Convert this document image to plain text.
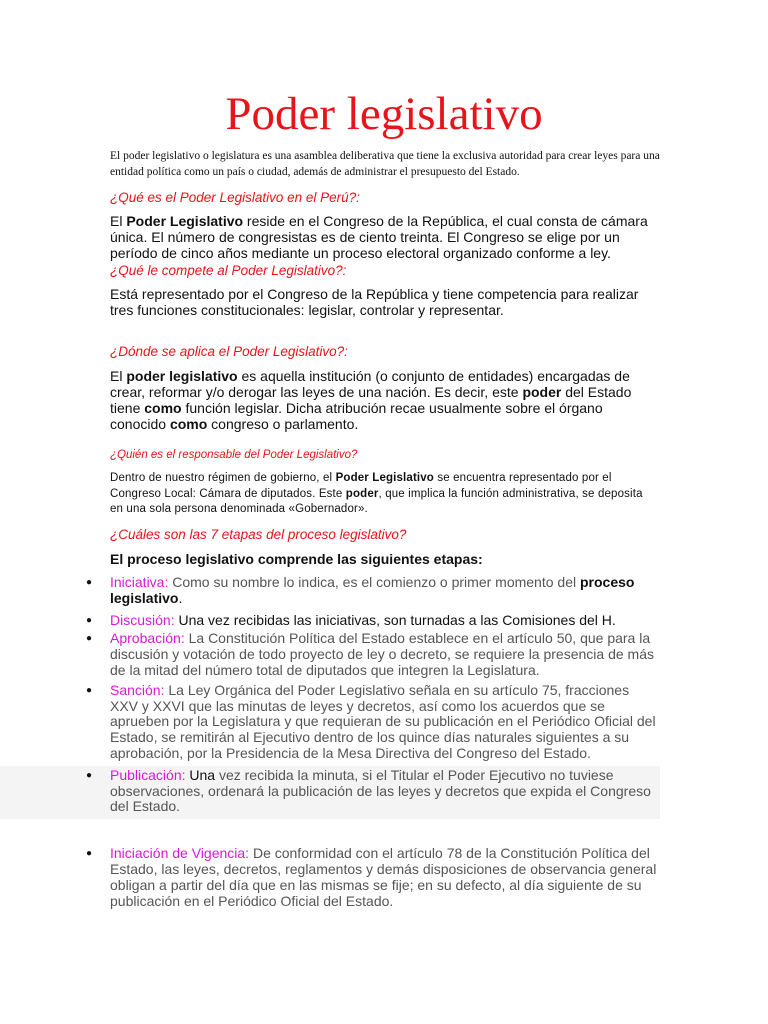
Poder legislativo

El poder legislativo o legislatura es una asamblea deliberativa que tiene la exclusiva autoridad para crear leyes para una entidad política como un país o ciudad, además de administrar el presupuesto del Estado.

¿Qué es el Poder Legislativo en el Perú?:

El Poder Legislativo reside en el Congreso de la República, el cual consta de cámara única. El número de congresistas es de ciento treinta. El Congreso se elige por un período de cinco años mediante un proceso electoral organizado conforme a ley.

¿Qué le compete al Poder Legislativo?:

Está representado por el Congreso de la República y tiene competencia para realizar tres funciones constitucionales: legislar, controlar y representar.

¿Dónde se aplica el Poder Legislativo?:

El poder legislativo es aquella institución (o conjunto de entidades) encargadas de crear, reformar y/o derogar las leyes de una nación. Es decir, este poder del Estado tiene como función legislar. Dicha atribución recae usualmente sobre el órgano conocido como congreso o parlamento.

¿Quién es el responsable del Poder Legislativo?

Dentro de nuestro régimen de gobierno, el Poder Legislativo se encuentra representado por el Congreso Local: Cámara de diputados. Este poder, que implica la función administrativa, se deposita en una sola persona denominada «Gobernador».

¿Cuáles son las 7 etapas del proceso legislativo?

El proceso legislativo comprende las siguientes etapas:

● Iniciativa: Como su nombre lo indica, es el comienzo o primer momento del proceso legislativo.
● Discusión: Una vez recibidas las iniciativas, son turnadas a las Comisiones del H.
● Aprobación: La Constitución Política del Estado establece en el artículo 50, que para la discusión y votación de todo proyecto de ley o decreto, se requiere la presencia de más de la mitad del número total de diputados que integren la Legislatura.
● Sanción: La Ley Orgánica del Poder Legislativo señala en su artículo 75, fracciones XXV y XXVI que las minutas de leyes y decretos, así como los acuerdos que se aprueben por la Legislatura y que requieran de su publicación en el Periódico Oficial del Estado, se remitirán al Ejecutivo dentro de los quince días naturales siguientes a su aprobación, por la Presidencia de la Mesa Directiva del Congreso del Estado.
● Publicación: Una vez recibida la minuta, si el Titular el Poder Ejecutivo no tuviese observaciones, ordenará la publicación de las leyes y decretos que expida el Congreso del Estado.
● Iniciación de Vigencia: De conformidad con el artículo 78 de la Constitución Política del Estado, las leyes, decretos, reglamentos y demás disposiciones de observancia general obligan a partir del día que en las mismas se fije; en su defecto, al día siguiente de su publicación en el Periódico Oficial del Estado.
